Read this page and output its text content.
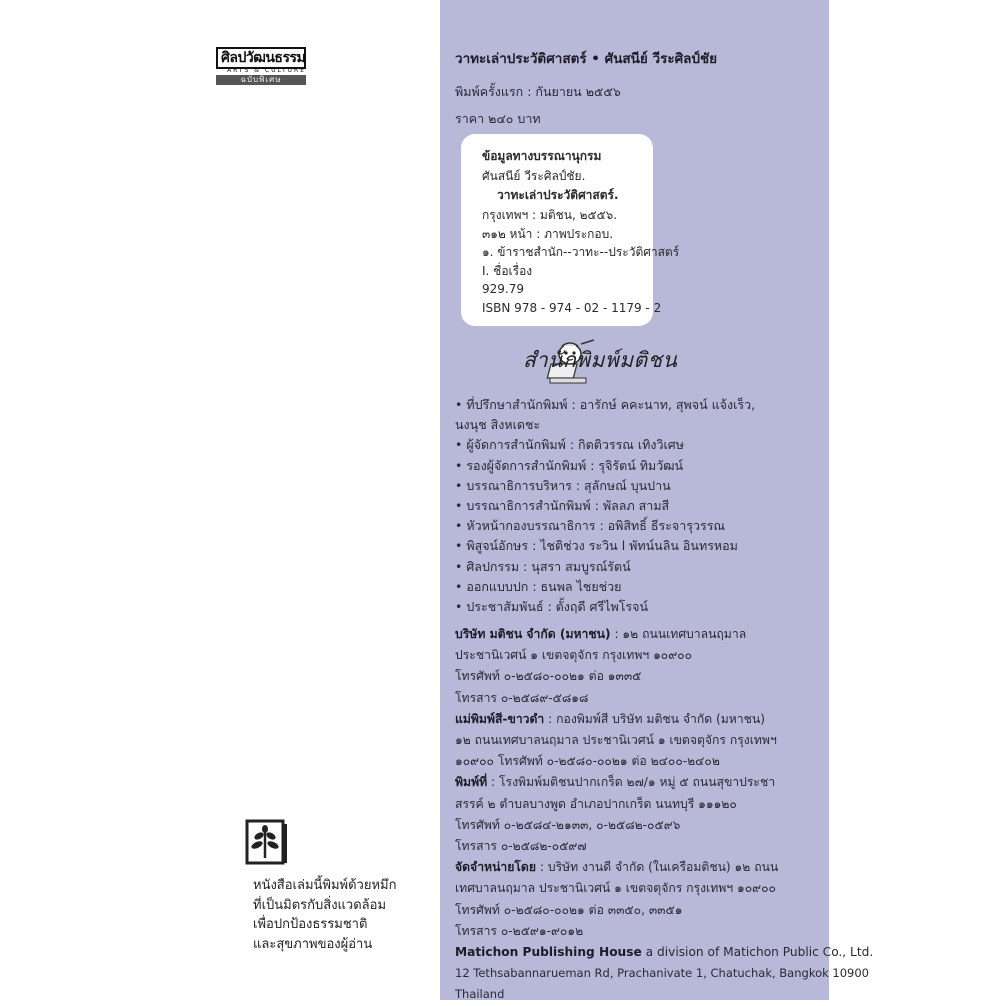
ศิลปวัฒนธรรม
ARTS & CULTURE
ฉบับพิเศษ
หนังสือเล่มนี้พิมพ์ด้วยหมึก
ที่เป็นมิตรกับสิ่งแวดล้อม
เพื่อปกป้องธรรมชาติ
และสุขภาพของผู้อ่าน
วาทะเล่าประวัติศาสตร์ • ศันสนีย์ วีระศิลป์ชัย
พิมพ์ครั้งแรก : กันยายน ๒๕๕๖
ราคา ๒๔๐ บาท
ข้อมูลทางบรรณานุกรม
ศันสนีย์ วีระศิลป์ชัย.
วาทะเล่าประวัติศาสตร์.
กรุงเทพฯ : มติชน, ๒๕๕๖.
๓๑๒ หน้า : ภาพประกอบ.
๑. ข้าราชสำนัก--วาทะ--ประวัติศาสตร์
I. ชื่อเรื่อง
929.79
ISBN 978 - 974 - 02 - 1179 - 2
สำนักพิมพ์มติชน
• ที่ปรึกษาสำนักพิมพ์ : อารักษ์ คคะนาท, สุพจน์ แจ้งเร็ว,
นงนุช สิงหเดชะ
• ผู้จัดการสำนักพิมพ์ : กิตติวรรณ เทิงวิเศษ
• รองผู้จัดการสำนักพิมพ์ : รุจิรัตน์ ทิมวัฒน์
• บรรณาธิการบริหาร : สุลักษณ์ บุนปาน
• บรรณาธิการสำนักพิมพ์ : พัลลภ สามสี
• หัวหน้ากองบรรณาธิการ : อพิสิทธิ์ ธีระจารุวรรณ
• พิสูจน์อักษร : ไชติช่วง ระวิน l พัทน์นลิน อินทรหอม
• ศิลปกรรม : นุสรา สมบูรณ์รัตน์
• ออกแบบปก : ธนพล ไชยช่วย
• ประชาสัมพันธ์ : ตั้งฤดี ศรีไพโรจน์
บริษัท มติชน จำกัด (มหาชน) : ๑๒ ถนนเทศบาลนฤมาล
ประชานิเวศน์ ๑ เขตจตุจักร กรุงเทพฯ ๑๐๙๐๐
โทรศัพท์ ๐-๒๕๘๐-๐๐๒๑ ต่อ ๑๓๓๕
โทรสาร ๐-๒๕๘๙-๕๘๑๘
แม่พิมพ์สี-ขาวดำ : กองพิมพ์สี บริษัท มติชน จำกัด (มหาชน)
๑๒ ถนนเทศบาลนฤมาล ประชานิเวศน์ ๑ เขตจตุจักร กรุงเทพฯ
๑๐๙๐๐ โทรศัพท์ ๐-๒๕๘๐-๐๐๒๑ ต่อ ๒๔๐๐-๒๔๐๒
พิมพ์ที่ : โรงพิมพ์มติชนปากเกร็ด ๒๗/๑ หมู่ ๕ ถนนสุขาประชา
สรรค์ ๒ ตำบลบางพูด อำเภอปากเกร็ด นนทบุรี ๑๑๑๒๐
โทรศัพท์ ๐-๒๕๘๔-๒๑๓๓, ๐-๒๕๘๒-๐๕๙๖
โทรสาร ๐-๒๕๘๒-๐๕๙๗
จัดจำหน่ายโดย : บริษัท งานดี จำกัด (ในเครือมติชน) ๑๒ ถนน
เทศบาลนฤมาล ประชานิเวศน์ ๑ เขตจตุจักร กรุงเทพฯ ๑๐๙๐๐
โทรศัพท์ ๐-๒๕๘๐-๐๐๒๑ ต่อ ๓๓๕๐, ๓๓๕๑
โทรสาร ๐-๒๕๙๑-๙๐๑๒
Matichon Publishing House a division of Matichon Public Co., Ltd.
12 Tethsabannarueman Rd, Prachanivate 1, Chatuchak, Bangkok 10900
Thailand
